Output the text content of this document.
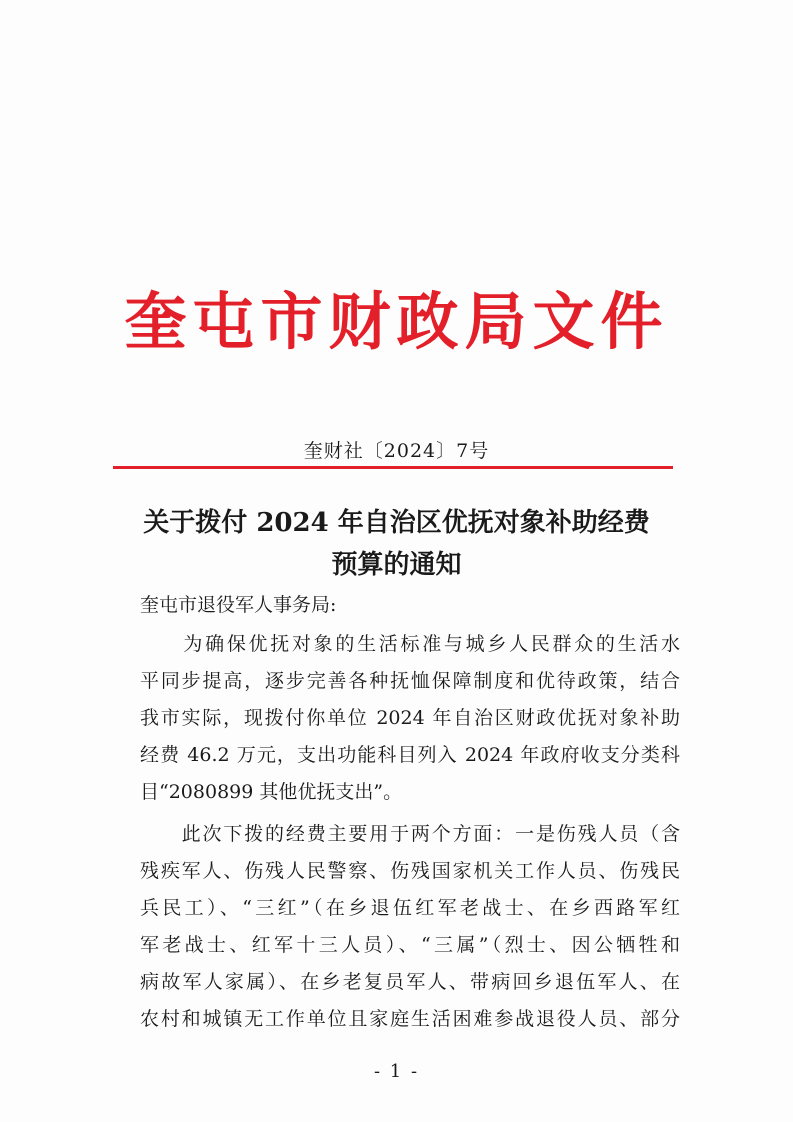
奎屯市财政局文件
奎财社〔2024〕7号
关于拨付 2024 年自治区优抚对象补助经费
预算的通知
奎屯市退役军人事务局:
　　为确保优抚对象的生活标准与城乡人民群众的生活水
平同步提高，逐步完善各种抚恤保障制度和优待政策，结合
我市实际，现拨付你单位 2024 年自治区财政优抚对象补助
经费 46.2 万元，支出功能科目列入 2024 年政府收支分类科
目“2080899 其他优抚支出”。
　　此次下拨的经费主要用于两个方面：一是伤残人员（含
残疾军人、伤残人民警察、伤残国家机关工作人员、伤残民
兵民工）、“三红”（在乡退伍红军老战士、在乡西路军红
军老战士、红军十三人员）、“三属”（烈士、因公牺牲和
病故军人家属）、在乡老复员军人、带病回乡退伍军人、在
农村和城镇无工作单位且家庭生活困难参战退役人员、部分
- 1 -
